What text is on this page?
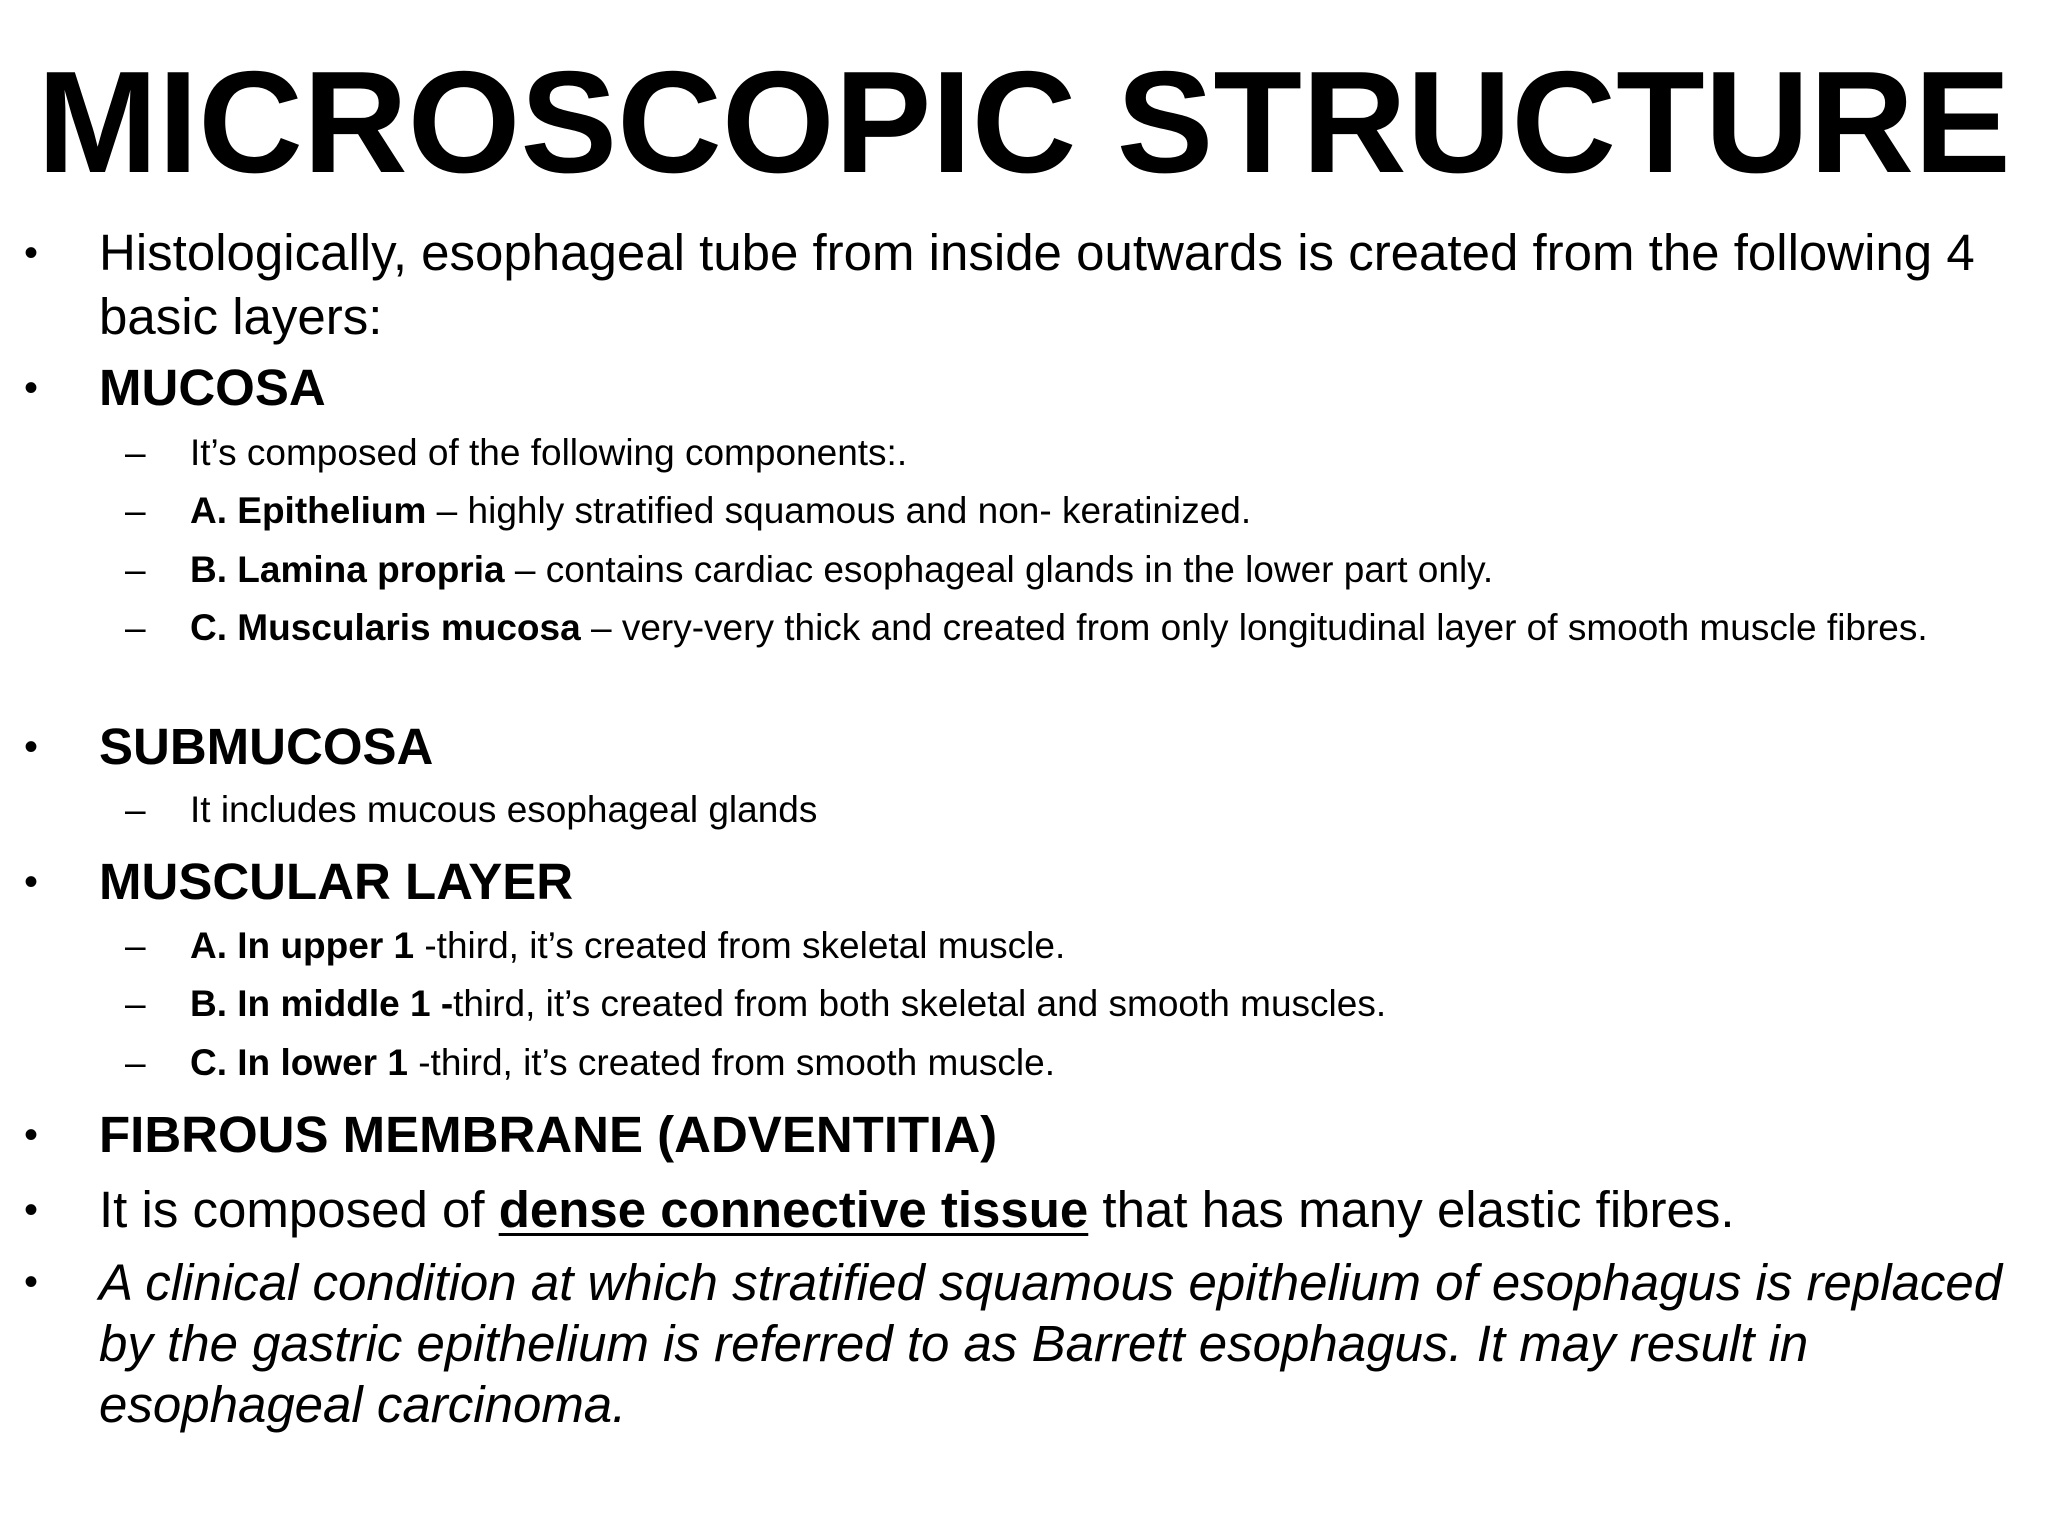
MICROSCOPIC STRUCTURE
• Histologically, esophageal tube from inside outwards is created from the following 4 basic layers:
• MUCOSA
– It’s composed of the following components:.
– A. Epithelium – highly stratified squamous and non- keratinized.
– B. Lamina propria – contains cardiac esophageal glands in the lower part only.
– C. Muscularis mucosa – very-very thick and created from only longitudinal layer of smooth muscle fibres.
• SUBMUCOSA
– It includes mucous esophageal glands
• MUSCULAR LAYER
– A. In upper 1 -third, it’s created from skeletal muscle.
– B. In middle 1 -third, it’s created from both skeletal and smooth muscles.
– C. In lower 1 -third, it’s created from smooth muscle.
• FIBROUS MEMBRANE (ADVENTITIA)
• It is composed of dense connective tissue that has many elastic fibres.
• A clinical condition at which stratified squamous epithelium of esophagus is replaced by the gastric epithelium is referred to as Barrett esophagus. It may result in esophageal carcinoma.
